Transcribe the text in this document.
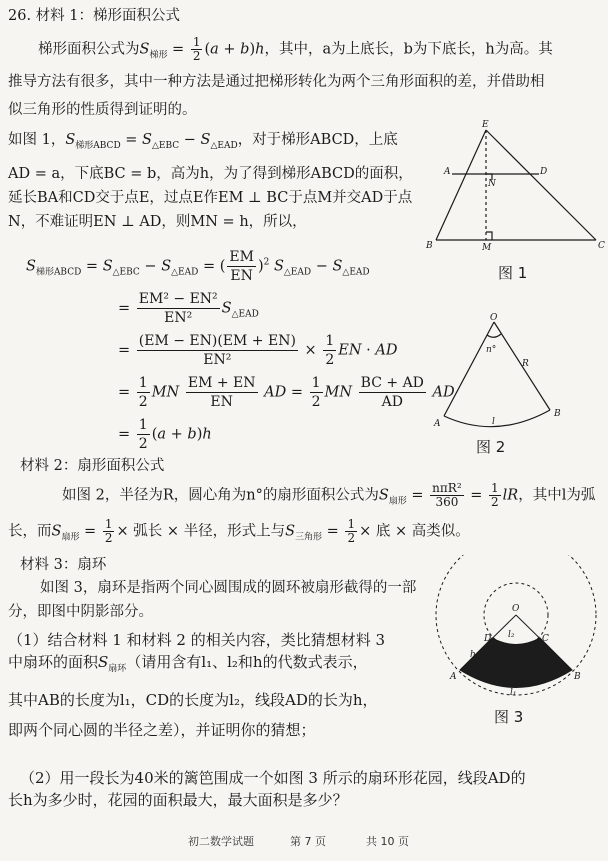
26. 材料 1：梯形面积公式
梯形面积公式为$S_{梯形} = \frac{1}{2} (a + b)h$，其中，a为上底长，b为下底长，h为高。其
推导方法有很多，其中一种方法是通过把梯形转化为两个三角形面积的差，并借助相
似三角形的性质得到证明的。
如图 1，$S_{梯形ABCD} = S_{\triangle EBC} - S_{\triangle EAD}$，对于梯形ABCD，上底
AD = a，下底BC = b，高为h，为了得到梯形ABCD的面积，
延长BA和CD交于点E，过点E作EM ⊥ BC于点M并交AD于点
N，不难证明EN ⊥ AD，则MN = h，所以，
$S_{梯形ABCD} = S_{\triangle EBC} - S_{\triangle EAD}$ = ( $\frac{EM}{EN} )^2$ $S_{\triangle EAD} - S_{\triangle EAD}$
= $\frac{\text{EM² − EN²}}{\text{EN²}} S_{\triangle EAD}$
= $\frac{(EM - EN)(EM + EN)}{\text{EN²}} \times \frac{1}{2}$ EN · AD
= $\frac{1}{2}$ MN $\frac{EM + EN}{EN}$ AD = $\frac{1}{2}$ MN $\frac{BC + AD}{AD}$ AD
= $\frac{1}{2} (a + b)h$
E
A	D
N
B	M	C
图 1
O
n°
R
l
A
B
图 2
材料 2：扇形面积公式
如图 2，半径为R，圆心角为n°的扇形面积公式为$S_{扇形} = \frac{\text{nπR²}}{360} = \frac{1}{2}$ lR，其中l为弧
长，而$S_{扇形} = \frac{1}{2}$ × 弧长 × 半径，形式上与$S_{三角形} = \frac{1}{2}$ × 底 × 高类似。
材料 3：扇环
如图 3，扇环是指两个同心圆围成的圆环被扇形截得的一部
分，即图中阴影部分。
（1）结合材料 1 和材料 2 的相关内容，类比猜想材料 3
中扇环的面积$S_{扇环}$（请用含有l₁、l₂和h的代数式表示，
其中AB的长度为l₁，CD的长度为l₂，线段AD的长为h，
即两个同心圆的半径之差），并证明你的猜想；
（2）用一段长为40米的篱笆围成一个如图 3 所示的扇环形花园，线段AD的
长h为多少时，花园的面积最大，最大面积是多少？
O
l₂
D	C
h
A	B
l₁
图 3
初二数学试题	第 7 页	共 10 页
